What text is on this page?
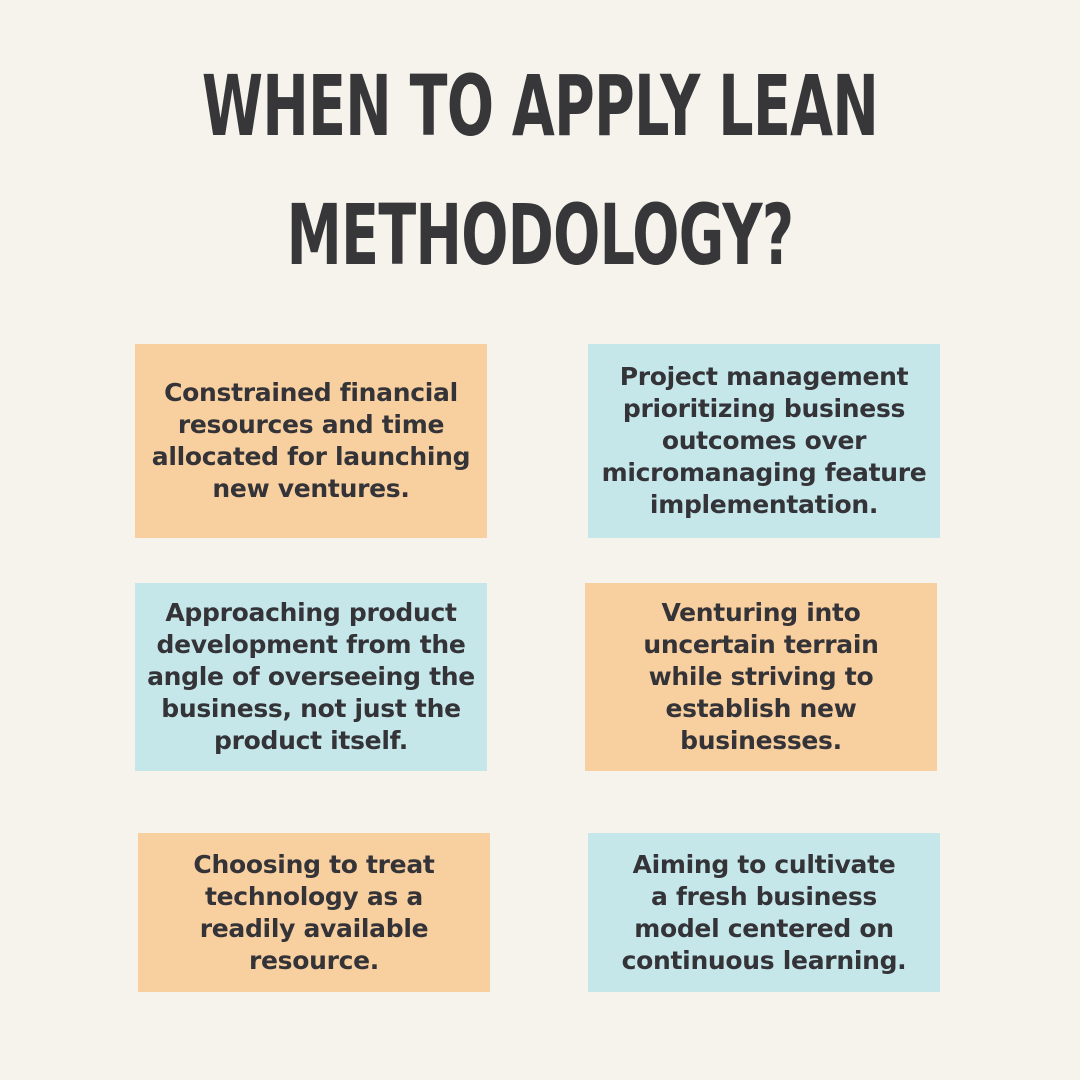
WHEN TO APPLY LEAN
METHODOLOGY?
Constrained financial
resources and time
allocated for launching
new ventures.
Project management
prioritizing business
outcomes over
micromanaging feature
implementation.
Approaching product
development from the
angle of overseeing the
business, not just the
product itself.
Venturing into
uncertain terrain
while striving to
establish new
businesses.
Choosing to treat
technology as a
readily available
resource.
Aiming to cultivate
a fresh business
model centered on
continuous learning.
